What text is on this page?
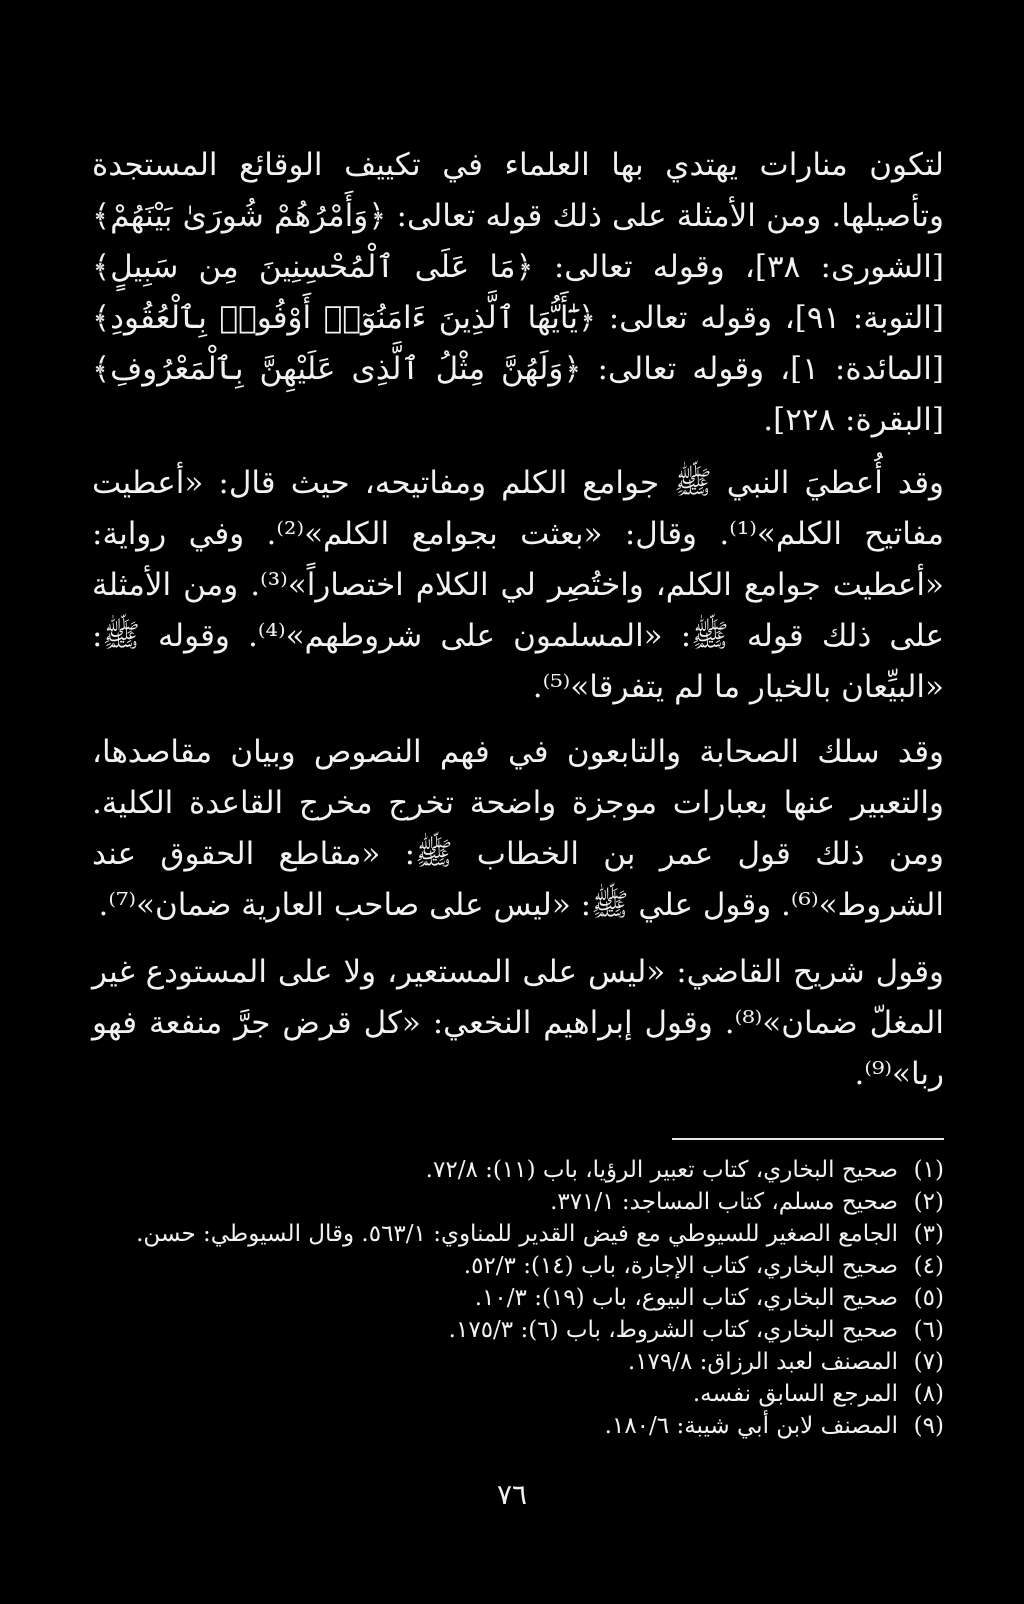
لتكون منارات يهتدي بها العلماء في تكييف الوقائع المستجدة وتأصيلها. ومن الأمثلة على ذلك قوله تعالى: ﴿وَأَمْرُهُمْ شُورَىٰ بَيْنَهُمْ﴾ [الشورى: ٣٨]، وقوله تعالى: ﴿مَا عَلَى ٱلْمُحْسِنِينَ مِن سَبِيلٍ﴾ [التوبة: ٩١]، وقوله تعالى: ﴿يَٰٓأَيُّهَا ٱلَّذِينَ ءَامَنُوٓا۟ أَوْفُوا۟ بِٱلْعُقُودِ﴾ [المائدة: ١]، وقوله تعالى: ﴿وَلَهُنَّ مِثْلُ ٱلَّذِى عَلَيْهِنَّ بِٱلْمَعْرُوفِ﴾ [البقرة: ٢٢٨].

وقد أُعطيَ النبي ﷺ جوامع الكلم ومفاتيحه، حيث قال: «أعطيت مفاتيح الكلم»⁽¹⁾. وقال: «بعثت بجوامع الكلم»⁽²⁾. وفي رواية: «أعطيت جوامع الكلم، واختُصِر لي الكلام اختصاراً»⁽³⁾. ومن الأمثلة على ذلك قوله ﷺ: «المسلمون على شروطهم»⁽⁴⁾. وقوله ﷺ: «البيِّعان بالخيار ما لم يتفرقا»⁽⁵⁾.

وقد سلك الصحابة والتابعون في فهم النصوص وبيان مقاصدها، والتعبير عنها بعبارات موجزة واضحة تخرج مخرج القاعدة الكلية. ومن ذلك قول عمر بن الخطاب ﷺ: «مقاطع الحقوق عند الشروط»⁽⁶⁾. وقول علي ﷺ: «ليس على صاحب العارية ضمان»⁽⁷⁾.

وقول شريح القاضي: «ليس على المستعير، ولا على المستودع غير المغلّ ضمان»⁽⁸⁾. وقول إبراهيم النخعي: «كل قرض جرَّ منفعة فهو ربا»⁽⁹⁾.

(١)
صحيح البخاري، كتاب تعبير الرؤيا، باب (١١): ٧٢/٨.
(٢)
صحيح مسلم، كتاب المساجد: ٣٧١/١.
(٣)
الجامع الصغير للسيوطي مع فيض القدير للمناوي: ٥٦٣/١. وقال السيوطي: حسن.
(٤)
صحيح البخاري، كتاب الإجارة، باب (١٤): ٥٢/٣.
(٥)
صحيح البخاري، كتاب البيوع، باب (١٩): ١٠/٣.
(٦)
صحيح البخاري، كتاب الشروط، باب (٦): ١٧٥/٣.
(٧)
المصنف لعبد الرزاق: ١٧٩/٨.
(٨)
المرجع السابق نفسه.
(٩)
المصنف لابن أبي شيبة: ١٨٠/٦.
٧٦
